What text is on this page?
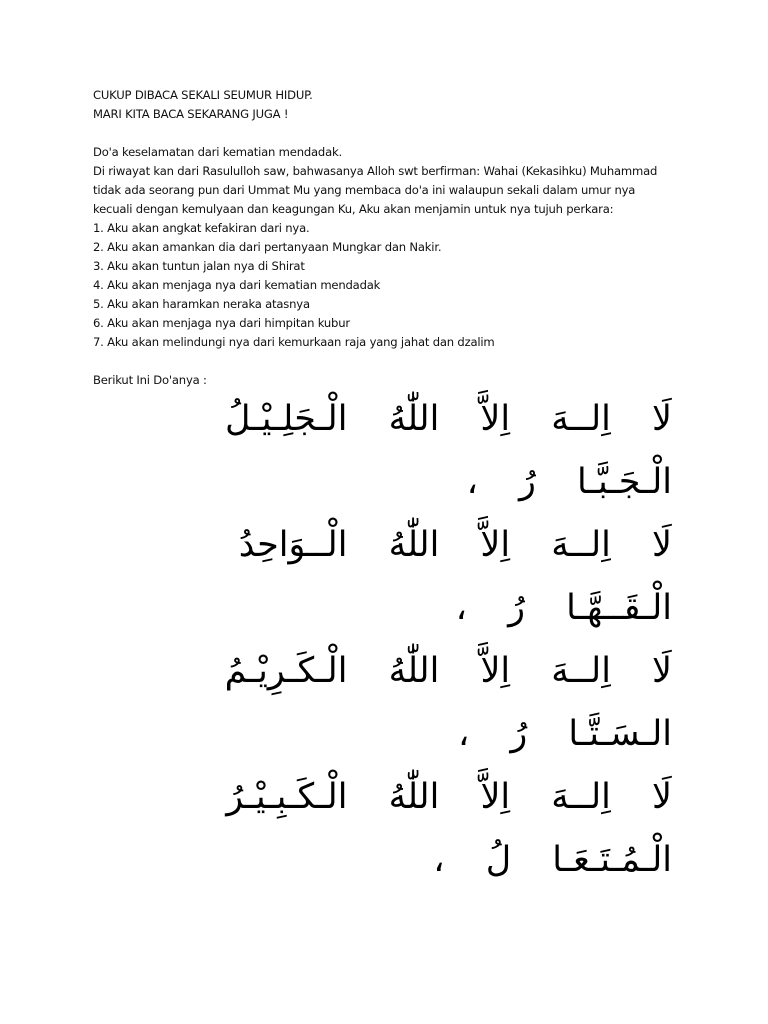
CUKUP DIBACA SEKALI SEUMUR HIDUP.
MARI KITA BACA SEKARANG JUGA !
Do'a keselamatan dari kematian mendadak.
Di riwayat kan dari Rasululloh saw, bahwasanya Alloh swt berfirman: Wahai (Kekasihku) Muhammad
tidak ada seorang pun dari Ummat Mu yang membaca do'a ini walaupun sekali dalam umur nya
kecuali dengan kemulyaan dan keagungan Ku, Aku akan menjamin untuk nya tujuh perkara:
1. Aku akan angkat kefakiran dari nya.
2. Aku akan amankan dia dari pertanyaan Mungkar dan Nakir.
3. Aku akan tuntun jalan nya di Shirat
4. Aku akan menjaga nya dari kematian mendadak
5. Aku akan haramkan neraka atasnya
6. Aku akan menjaga nya dari himpitan kubur
7. Aku akan melindungi nya dari kemurkaan raja yang jahat dan dzalim
Berikut Ini Do'anya :
لَا اِلــهَ اِلاَّ اللّٰهُ الْـجَلِـيْـلُ
الْـجَـبَّـا رُ ،
لَا اِلــهَ اِلاَّ اللّٰهُ الْــوَاحِدُ
الْـقَــهَّـا رُ ،
لَا اِلــهَ اِلاَّ اللّٰهُ الْـكَـرِيْـمُ
الـسَـتَّـا رُ ،
لَا اِلــهَ اِلاَّ اللّٰهُ الْـكَـبِـيْـرُ
الْـمُـتَـعَـا لُ ،
